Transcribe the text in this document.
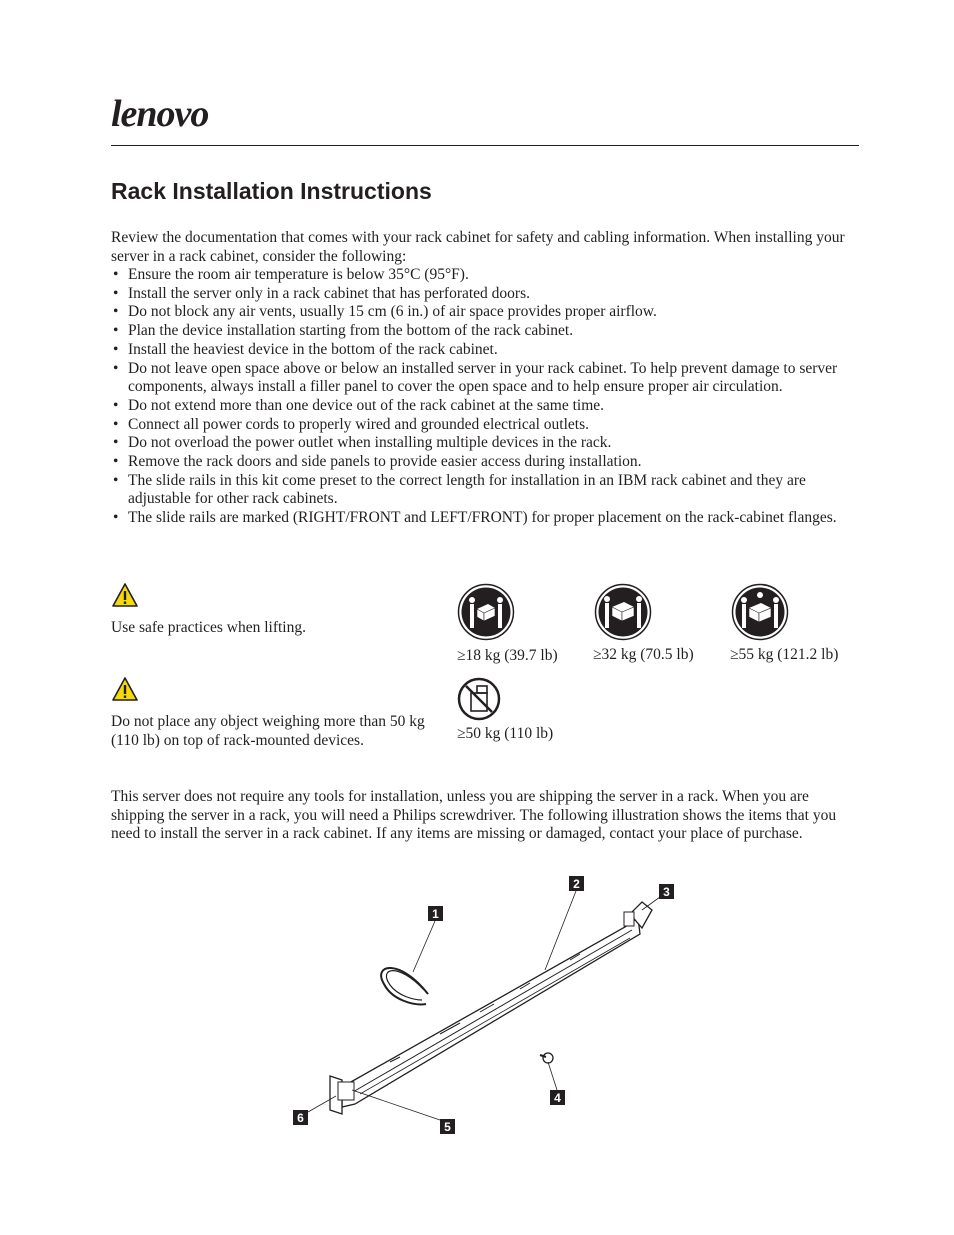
lenovo
Rack Installation Instructions

Review the documentation that comes with your rack cabinet for safety and cabling information. When installing your server in a rack cabinet, consider the following:

• Ensure the room air temperature is below 35°C (95°F).
• Install the server only in a rack cabinet that has perforated doors.
• Do not block any air vents, usually 15 cm (6 in.) of air space provides proper airflow.
• Plan the device installation starting from the bottom of the rack cabinet.
• Install the heaviest device in the bottom of the rack cabinet.
• Do not leave open space above or below an installed server in your rack cabinet. To help prevent damage to server components, always install a filler panel to cover the open space and to help ensure proper air circulation.
• Do not extend more than one device out of the rack cabinet at the same time.
• Connect all power cords to properly wired and grounded electrical outlets.
• Do not overload the power outlet when installing multiple devices in the rack.
• Remove the rack doors and side panels to provide easier access during installation.
• The slide rails in this kit come preset to the correct length for installation in an IBM rack cabinet and they are adjustable for other rack cabinets.
• The slide rails are marked (RIGHT/FRONT and LEFT/FRONT) for proper placement on the rack-cabinet flanges.

Use safe practices when lifting.

≥18 kg (39.7 lb) ≥32 kg (70.5 lb) ≥55 kg (121.2 lb)

Do not place any object weighing more than 50 kg (110 lb) on top of rack-mounted devices.	≥50 kg (110 lb)

This server does not require any tools for installation, unless you are shipping the server in a rack. When you are shipping the server in a rack, you will need a Philips screwdriver. The following illustration shows the items that you need to install the server in a rack cabinet. If any items are missing or damaged, contact your place of purchase.

1
2
3
4
5
6
